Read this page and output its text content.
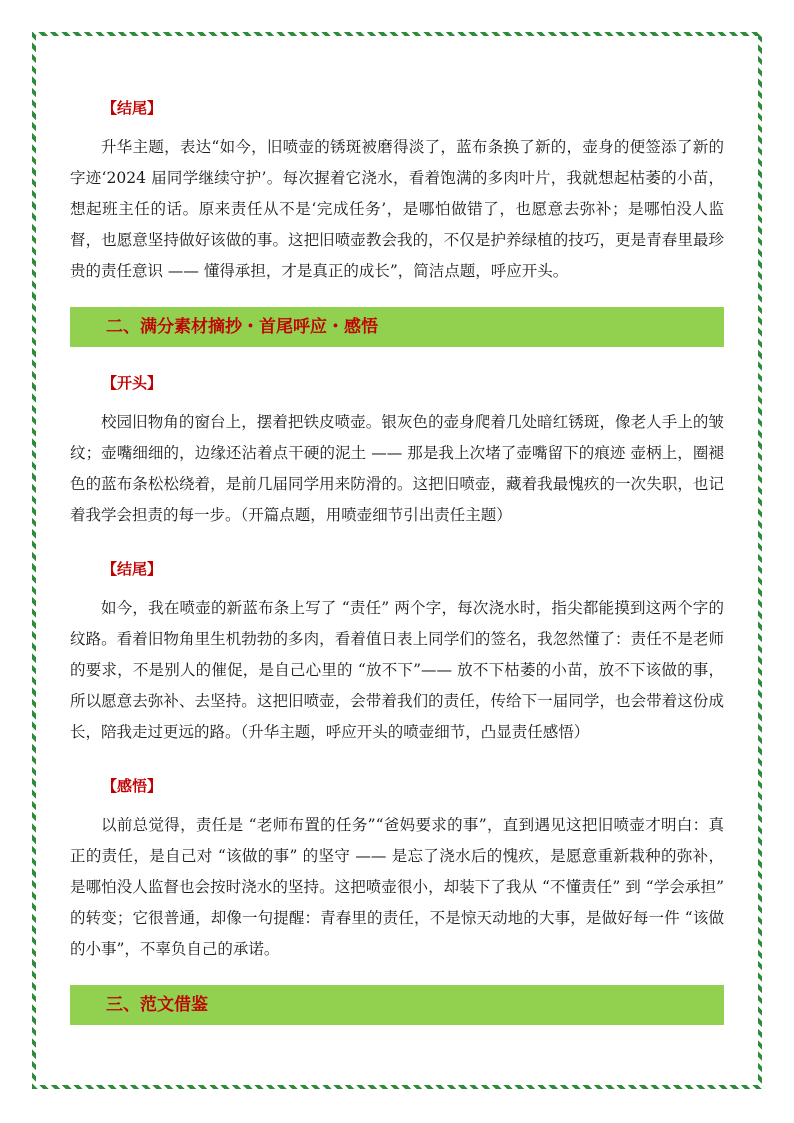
【结尾】

升华主题，表达“如今，旧喷壶的锈斑被磨得淡了，蓝布条换了新的，壶身的便签添了新的字迹‘2024 届同学继续守护’。每次握着它浇水，看着饱满的多肉叶片，我就想起枯萎的小苗，想起班主任的话。原来责任从不是‘完成任务’，是哪怕做错了，也愿意去弥补；是哪怕没人监督，也愿意坚持做好该做的事。这把旧喷壶教会我的，不仅是护养绿植的技巧，更是青春里最珍贵的责任意识 —— 懂得承担，才是真正的成长”，简洁点题，呼应开头。

二、满分素材摘抄・首尾呼应・感悟
【开头】

校园旧物角的窗台上，摆着把铁皮喷壶。银灰色的壶身爬着几处暗红锈斑，像老人手上的皱纹；壶嘴细细的，边缘还沾着点干硬的泥土 —— 那是我上次堵了壶嘴留下的痕迹 壶柄上，圈褪色的蓝布条松松绕着，是前几届同学用来防滑的。这把旧喷壶，藏着我最愧疚的一次失职，也记着我学会担责的每一步。（开篇点题，用喷壶细节引出责任主题）

【结尾】

如今，我在喷壶的新蓝布条上写了 “责任” 两个字，每次浇水时，指尖都能摸到这两个字的纹路。看着旧物角里生机勃勃的多肉，看着值日表上同学们的签名，我忽然懂了：责任不是老师的要求，不是别人的催促，是自己心里的 “放不下”—— 放不下枯萎的小苗，放不下该做的事，所以愿意去弥补、去坚持。这把旧喷壶，会带着我们的责任，传给下一届同学，也会带着这份成长，陪我走过更远的路。（升华主题，呼应开头的喷壶细节，凸显责任感悟）

【感悟】

以前总觉得，责任是 “老师布置的任务”“爸妈要求的事”，直到遇见这把旧喷壶才明白：真正的责任，是自己对 “该做的事” 的坚守 —— 是忘了浇水后的愧疚，是愿意重新栽种的弥补，是哪怕没人监督也会按时浇水的坚持。这把喷壶很小，却装下了我从 “不懂责任” 到 “学会承担” 的转变；它很普通，却像一句提醒：青春里的责任，不是惊天动地的大事，是做好每一件 “该做的小事”，不辜负自己的承诺。

三、范文借鉴
